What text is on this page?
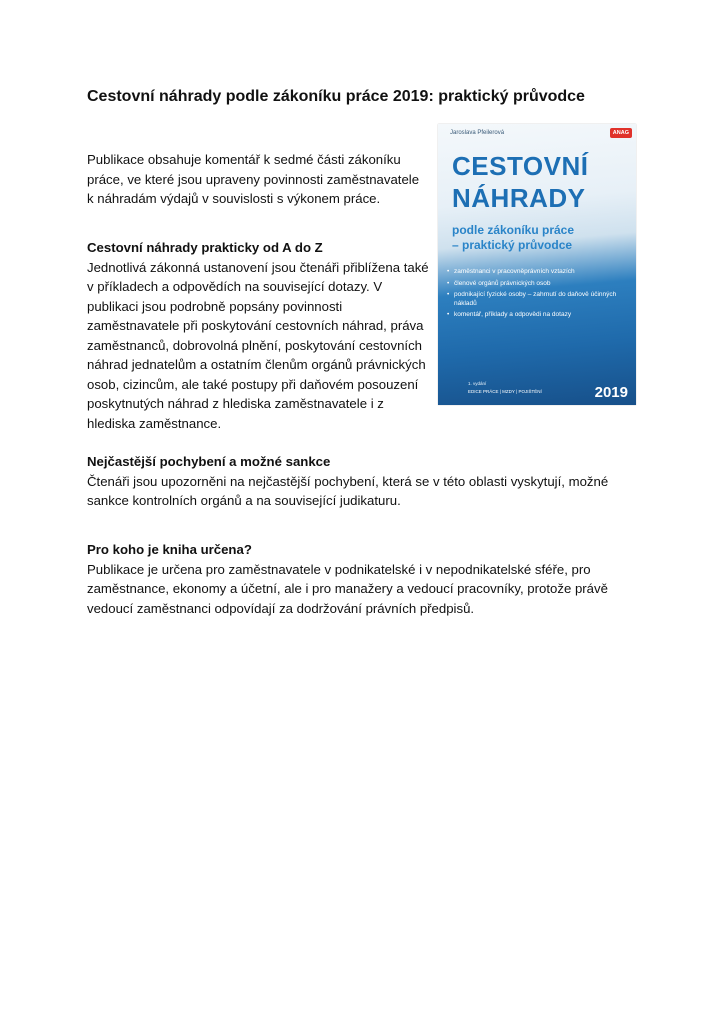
Cestovní náhrady podle zákoníku práce 2019: praktický průvodce
Publikace obsahuje komentář k sedmé části zákoníku práce, ve které jsou upraveny povinnosti zaměstnavatele k náhradám výdajů v souvislosti s výkonem práce.
Cestovní náhrady prakticky od A do Z

Jednotlivá zákonná ustanovení jsou čtenáři přiblížena také v příkladech a odpovědích na související dotazy. V publikaci jsou podrobně popsány povinnosti zaměstnavatele při poskytování cestovních náhrad, práva zaměstnanců, dobrovolná plnění, poskytování cestovních náhrad jednatelům a ostatním členům orgánů právnických osob, cizincům, ale také postupy při daňovém posouzení poskytnutých náhrad z hlediska zaměstnavatele i z hlediska zaměstnance.

Nejčastější pochybení a možné sankce

Čtenáři jsou upozorněni na nejčastější pochybení, která se v této oblasti vyskytují, možné sankce kontrolních orgánů a na související judikaturu.

Pro koho je kniha určena?

Publikace je určena pro zaměstnavatele v podnikatelské i v nepodnikatelské sféře, pro zaměstnance, ekonomy a účetní, ale i pro manažery a vedoucí pracovníky, protože právě vedoucí zaměstnanci odpovídají za dodržování právních předpisů.

Jaroslava Pfeilerová	ANAG
CESTOVNÍ
NÁHRADY
podle zákoníku práce
– praktický průvodce
• zaměstnanci v pracovněprávních vztazích
• členové orgánů právnických osob
• podnikající fyzické osoby – zahrnutí do daňově účinných nákladů
• komentář, příklady a odpovědi na dotazy
1. vydání
EDICE PRÁCE | MZDY | POJIŠTĚNÍ	2019
